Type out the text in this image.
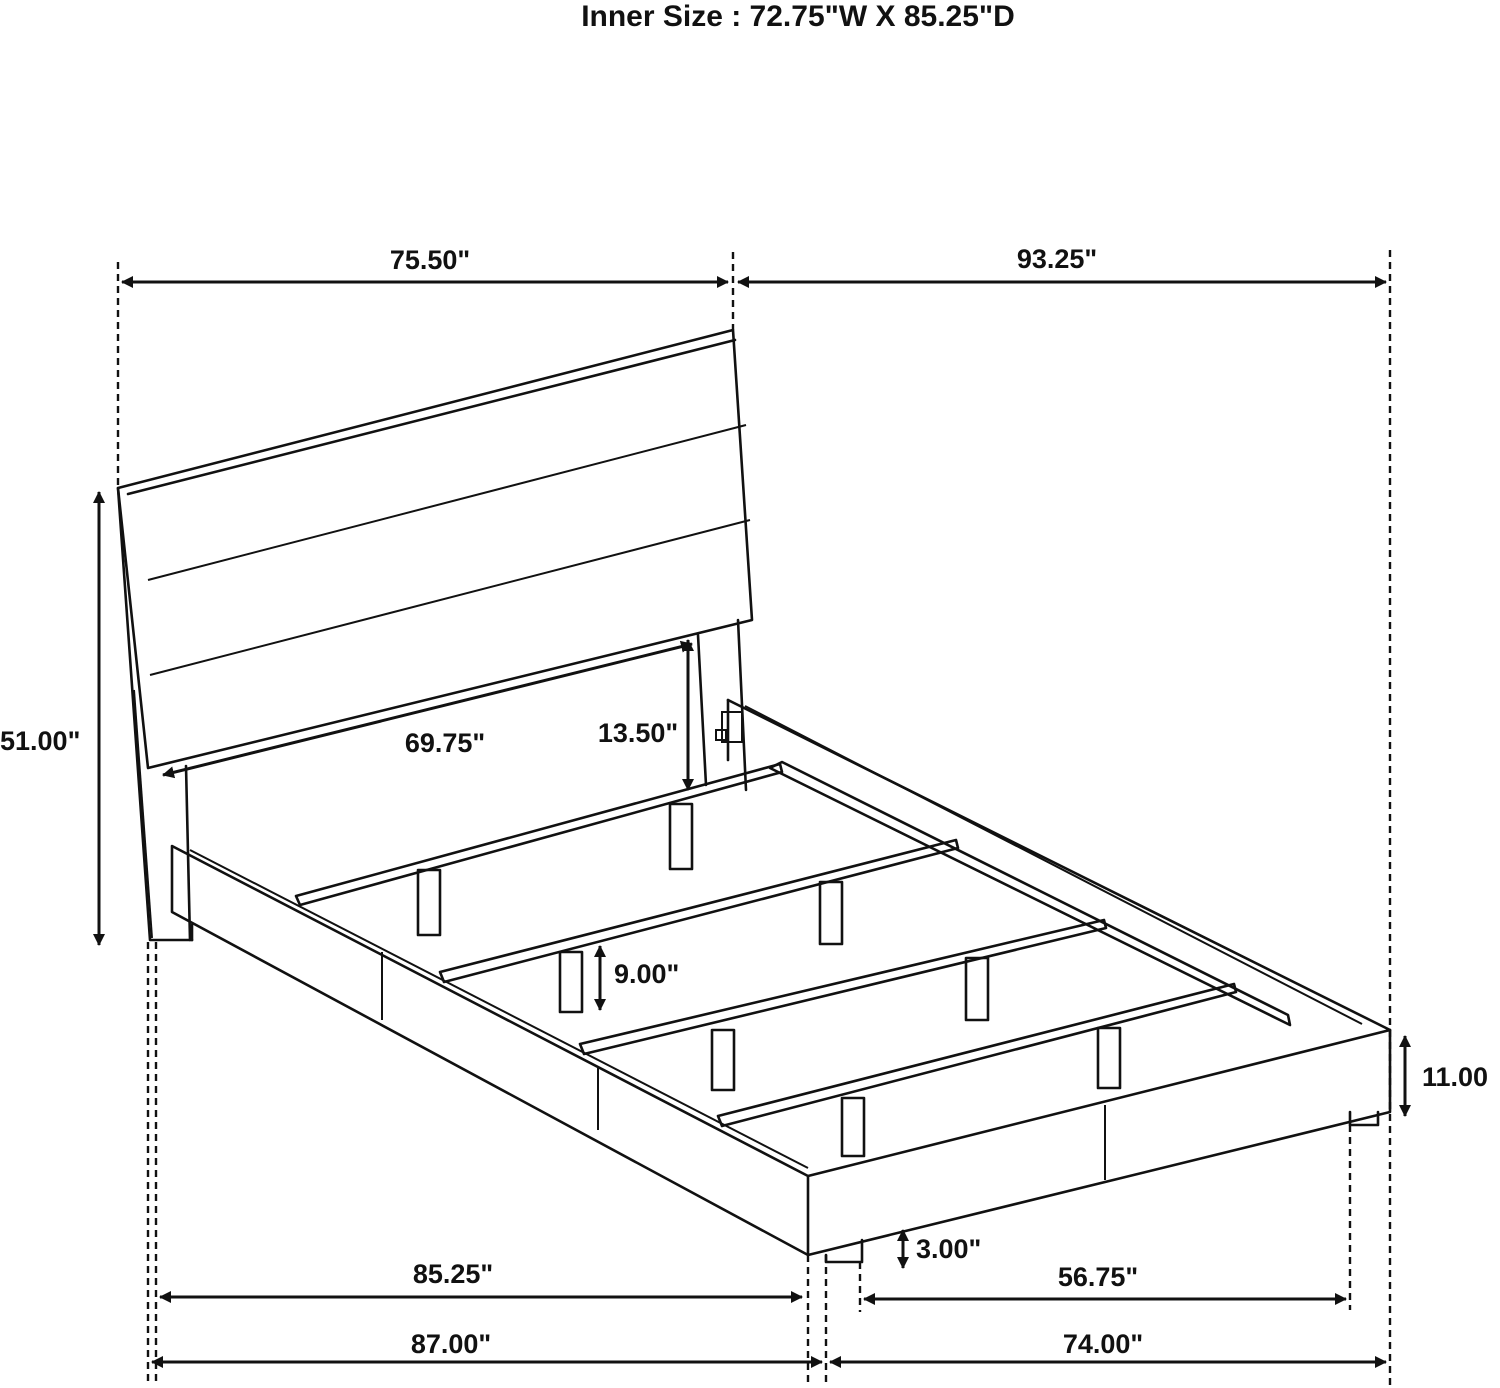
Inner Size : 72.75"W X 85.25"D
75.50"	93.25"
51.00"	69.75"	13.50"
9.00"
11.00
3.00"
85.25"	56.75"
87.00"	74.00"
